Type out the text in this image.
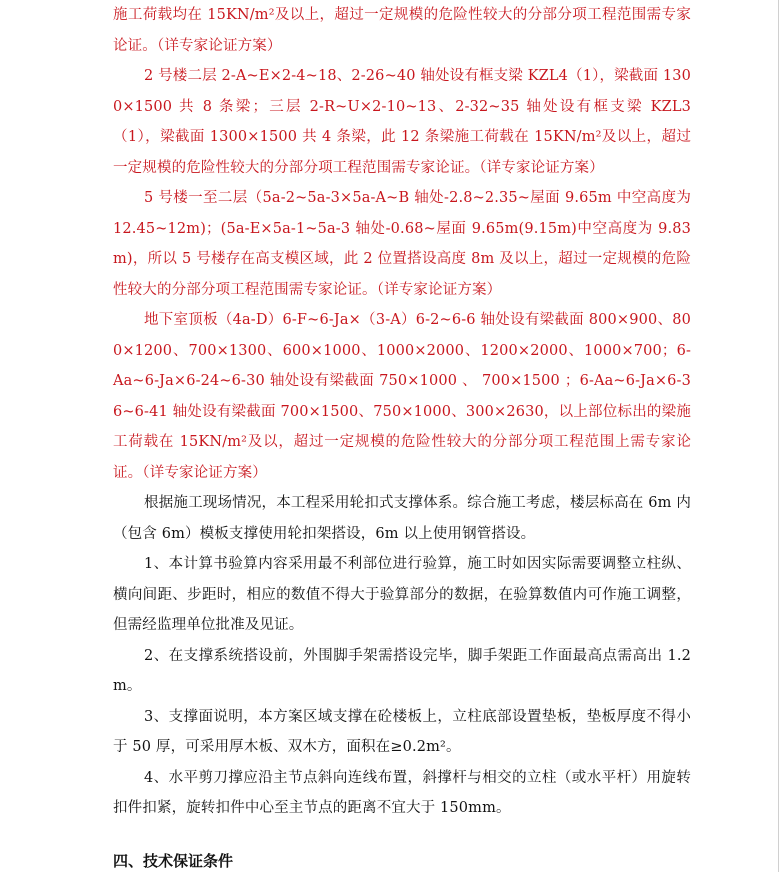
施工荷载均在 15KN/m²及以上，超过一定规模的危险性较大的分部分项工程范围需专家论证。（详专家论证方案）

2 号楼二层 2-A~E×2-4~18、2-26~40 轴处设有框支梁 KZL4（1），梁截面 1300×1500 共 8 条梁；三层 2-R~U×2-10~13、2-32~35 轴处设有框支梁 KZL3（1），梁截面 1300×1500 共 4 条梁，此 12 条梁施工荷载在 15KN/m²及以上，超过一定规模的危险性较大的分部分项工程范围需专家论证。（详专家论证方案）

5 号楼一至二层（5a-2~5a-3×5a-A~B 轴处-2.8~2.35~屋面 9.65m 中空高度为 12.45~12m)；(5a-E×5a-1~5a-3 轴处-0.68~屋面 9.65m(9.15m)中空高度为 9.83m)，所以 5 号楼存在高支模区域，此 2 位置搭设高度 8m 及以上，超过一定规模的危险性较大的分部分项工程范围需专家论证。（详专家论证方案）

地下室顶板（4a-D）6-F~6-Ja×（3-A）6-2~6-6 轴处设有梁截面 800×900、800×1200、700×1300、600×1000、1000×2000、1200×2000、1000×700；6-Aa~6-Ja×6-24~6-30 轴处设有梁截面 750×1000 、 700×1500 ；6-Aa~6-Ja×6-36~6-41 轴处设有梁截面 700×1500、750×1000、300×2630，以上部位标出的梁施工荷载在 15KN/m²及以，超过一定规模的危险性较大的分部分项工程范围上需专家论证。（详专家论证方案）

根据施工现场情况，本工程采用轮扣式支撑体系。综合施工考虑，楼层标高在 6m 内（包含 6m）模板支撑使用轮扣架搭设，6m 以上使用钢管搭设。

1、本计算书验算内容采用最不利部位进行验算，施工时如因实际需要调整立柱纵、横向间距、步距时，相应的数值不得大于验算部分的数据，在验算数值内可作施工调整，但需经监理单位批准及见证。

2、在支撑系统搭设前，外围脚手架需搭设完毕，脚手架距工作面最高点需高出 1.2m。

3、支撑面说明，本方案区域支撑在砼楼板上，立柱底部设置垫板，垫板厚度不得小于 50 厚，可采用厚木板、双木方，面积在≥0.2m²。

4、水平剪刀撑应沿主节点斜向连线布置，斜撑杆与相交的立柱（或水平杆）用旋转扣件扣紧，旋转扣件中心至主节点的距离不宜大于 150mm。

四、技术保证条件
